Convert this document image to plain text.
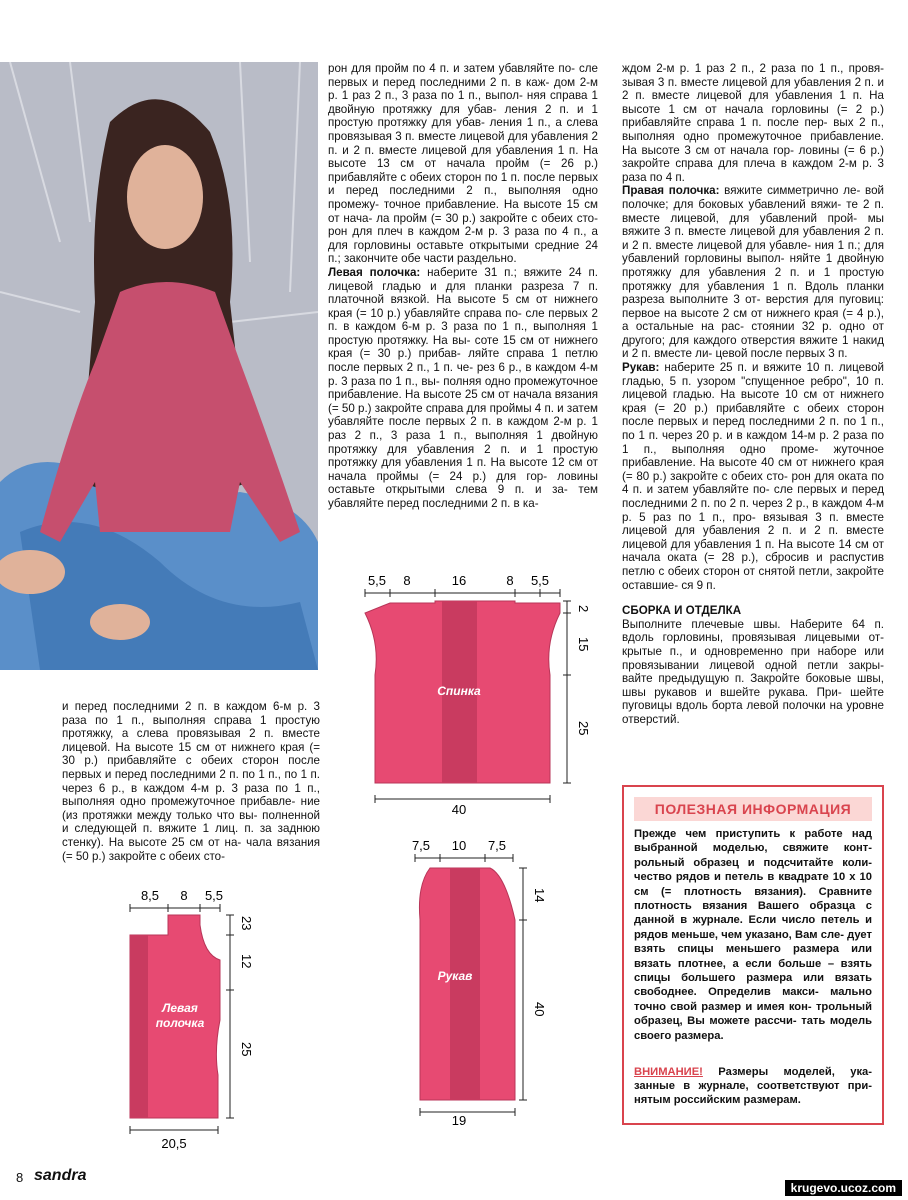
рон для пройм по 4 п. и затем убавляйте по- сле первых и перед последними 2 п. в каж- дом 2-м р. 1 раз 2 п., 3 раза по 1 п., выпол- няя справа 1 двойную протяжку для убав- ления 2 п. и 1 простую протяжку для убав- ления 1 п., а слева провязывая 3 п. вместе лицевой для убавления 2 п. и 2 п. вместе лицевой для убавления 1 п. На высоте 13 см от начала пройм (= 26 р.) прибавляйте с обеих сторон по 1 п. после первых и перед последними 2 п., выполняя одно промежу- точное прибавление. На высоте 15 см от нача- ла пройм (= 30 р.) закройте с обеих сто- рон для плеч в каждом 2-м р. 3 раза по 4 п., а для горловины оставьте открытыми средние 24 п.; закончите обе части раздельно.

Левая полочка: наберите 31 п.; вяжите 24 п. лицевой гладью и для планки разреза 7 п. платочной вязкой. На высоте 5 см от нижнего края (= 10 р.) убавляйте справа по- сле первых 2 п. в каждом 6-м р. 3 раза по 1 п., выполняя 1 простую протяжку. На вы- соте 15 см от нижнего края (= 30 р.) прибав- ляйте справа 1 петлю после первых 2 п., 1 п. че- рез 6 р., в каждом 4-м р. 3 раза по 1 п., вы- полняя одно промежуточное прибавление. На высоте 25 см от начала вязания (= 50 р.) закройте справа для проймы 4 п. и затем убавляйте после первых 2 п. в каждом 2-м р. 1 раз 2 п., 3 раза 1 п., выполняя 1 двойную протяжку для убавления 2 п. и 1 простую протяжку для убавления 1 п. На высоте 12 см от начала проймы (= 24 р.) для гор- ловины оставьте открытыми слева 9 п. и за- тем убавляйте перед последними 2 п. в ка-

и перед последними 2 п. в каждом 6-м р. 3 раза по 1 п., выполняя справа 1 простую протяжку, а слева провязывая 2 п. вместе лицевой. На высоте 15 см от нижнего края (= 30 р.) прибавляйте с обеих сторон после первых и перед последними 2 п. по 1 п., по 1 п. через 6 р., в каждом 4-м р. 3 раза по 1 п., выполняя одно промежуточное прибавле- ние (из протяжки между только что вы- полненной и следующей п. вяжите 1 лиц. п. за заднюю стенку). На высоте 25 см от на- чала вязания (= 50 р.) закройте с обеих сто-

ждом 2-м р. 1 раз 2 п., 2 раза по 1 п., провя- зывая 3 п. вместе лицевой для убавления 2 п. и 2 п. вместе лицевой для убавления 1 п. На высоте 1 см от начала горловины (= 2 р.) прибавляйте справа 1 п. после пер- вых 2 п., выполняя одно промежуточное прибавление. На высоте 3 см от начала гор- ловины (= 6 р.) закройте справа для плеча в каждом 2-м р. 3 раза по 4 п.

Правая полочка: вяжите симметрично ле- вой полочке; для боковых убавлений вяжи- те 2 п. вместе лицевой, для убавлений прой- мы вяжите 3 п. вместе лицевой для убавления 2 п. и 2 п. вместе лицевой для убавле- ния 1 п.; для убавлений горловины выпол- няйте 1 двойную протяжку для убавления 2 п. и 1 простую протяжку для убавления 1 п. Вдоль планки разреза выполните 3 от- верстия для пуговиц: первое на высоте 2 см от нижнего края (= 4 р.), а остальные на рас- стоянии 32 р. одно от другого; для каждого отверстия вяжите 1 накид и 2 п. вместе ли- цевой после первых 3 п.

Рукав: наберите 25 п. и вяжите 10 п. лицевой гладью, 5 п. узором "спущенное ребро", 10 п. лицевой гладью. На высоте 10 см от нижнего края (= 20 р.) прибавляйте с обеих сторон после первых и перед последними 2 п. по 1 п., по 1 п. через 20 р. и в каждом 14-м р. 2 раза по 1 п., выполняя одно проме- жуточное прибавление. На высоте 40 см от нижнего края (= 80 р.) закройте с обеих сто- рон для оката по 4 п. и затем убавляйте по- сле первых и перед последними 2 п. по 2 п. через 2 р., в каждом 4-м р. 5 раз по 1 п., про- вязывая 3 п. вместе лицевой для убавления 2 п. и 2 п. вместе лицевой для убавления 1 п. На высоте 14 см от начала оката (= 28 р.), сбросив и распустив петлю с обеих сторон от снятой петли, закройте оставшие- ся 9 п.

СБОРКА И ОТДЕЛКА

Выполните плечевые швы. Наберите 64 п. вдоль горловины, провязывая лицевыми от- крытые п., и одновременно при наборе или провязывании лицевой одной петли закры- вайте предыдущую п. Закройте боковые швы, швы рукавов и вшейте рукава. При- шейте пуговицы вдоль борта левой полочки на уровне отверстий.

5,5 8	16	8 5,5
2
15
25
40
Спинка
8,5 8 5,5
23
12
25
20,5
Левая
полочка
7,5 10 7,5
14
40
19
Рукав
ПОЛЕЗНАЯ ИНФОРМАЦИЯ
Прежде чем приступить к работе над выбранной моделью, свяжите конт- рольный образец и подсчитайте коли- чество рядов и петель в квадрате 10 х 10 см (= плотность вязания). Сравните плотность вязания Вашего образца с данной в журнале. Если число петель и рядов меньше, чем указано, Вам сле- дует взять спицы меньшего размера или вязать плотнее, а если больше – взять спицы большего размера или вязать свободнее. Определив макси- мально точно свой размер и имея кон- трольный образец, Вы можете рассчи- тать модель своего размера.
ВНИМАНИЕ! Размеры моделей, ука- занные в журнале, соответствуют при- нятым российским размерам.
8 sandra
krugevo.ucoz.com
